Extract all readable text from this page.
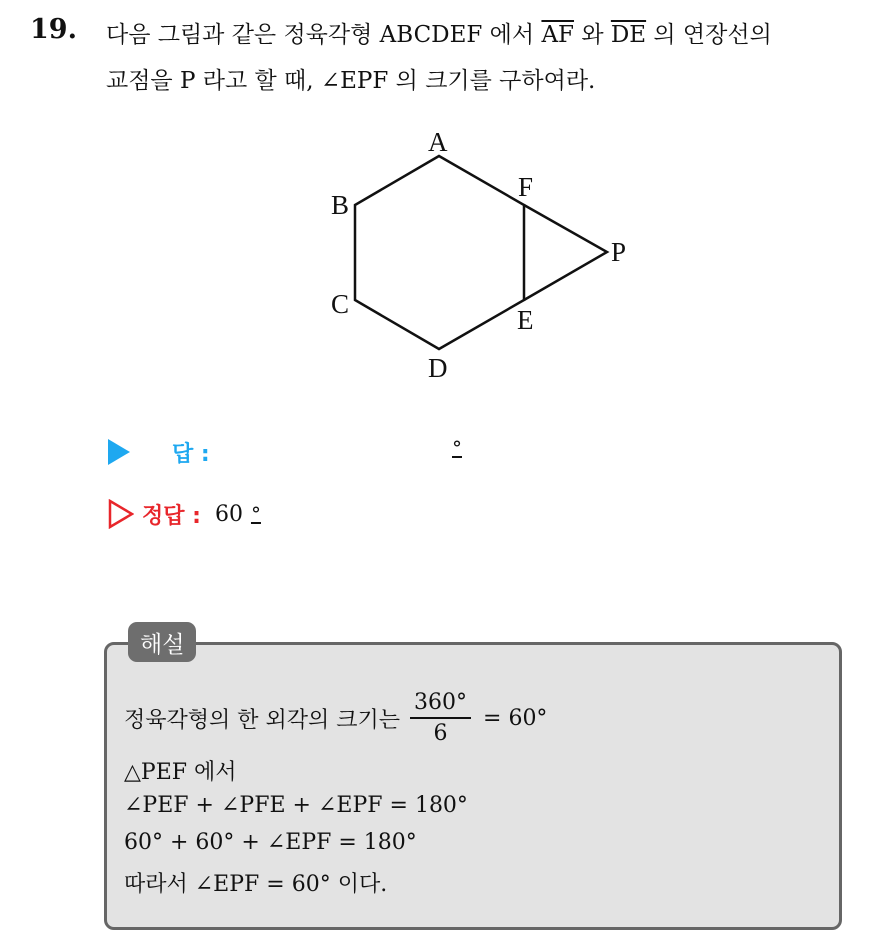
19. 다음 그림과 같은 정육각형 ABCDEF 에서 $\overline{AF}$ 와 $\overline{DE}$ 의 연장선의
교점을 P 라고 할 때, ∠EPF 의 크기를 구하여라.
A
B
C
D
E
F
P
답 :	°
정답 : 60 °
해설
정육각형의 한 외각의 크기는 $\frac{360^\circ}{6} = 60^\circ$
△PEF 에서
∠PEF + ∠PFE + ∠EPF = 180°
60° + 60° + ∠EPF = 180°
따라서 ∠EPF = 60° 이다.
